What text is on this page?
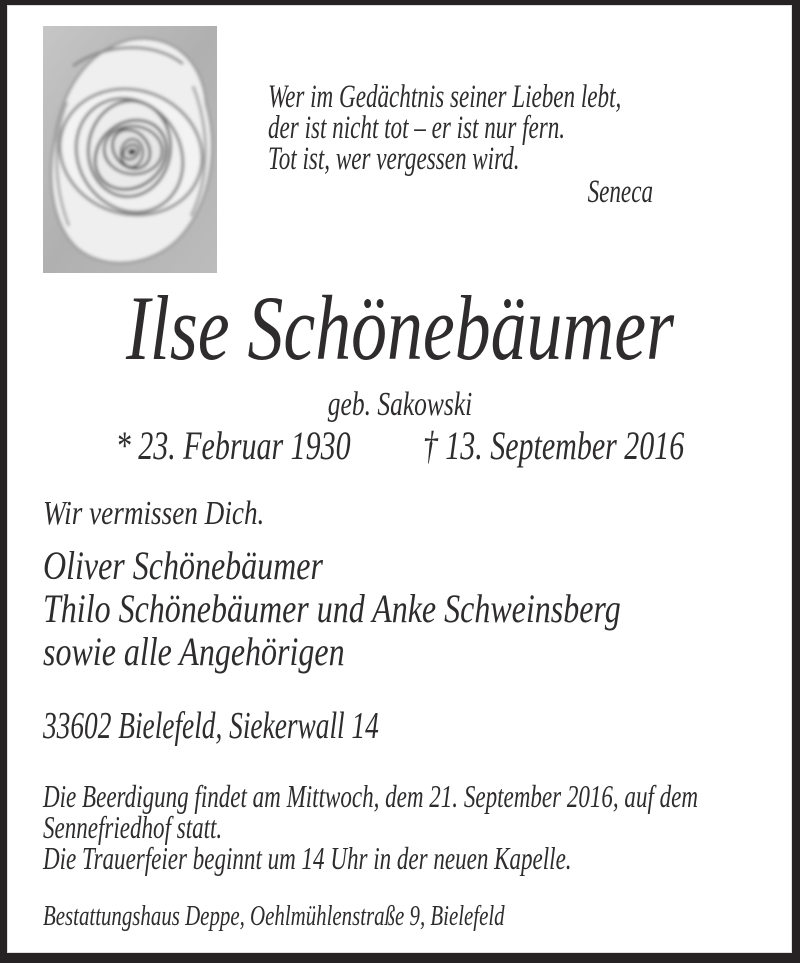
Wer im Gedächtnis seiner Lieben lebt,
der ist nicht tot – er ist nur fern.
Tot ist, wer vergessen wird.
Seneca
Ilse Schönebäumer
geb. Sakowski
* 23. Februar 1930 † 13. September 2016
Wir vermissen Dich.
Oliver Schönebäumer
Thilo Schönebäumer und Anke Schweinsberg
sowie alle Angehörigen
33602 Bielefeld, Siekerwall 14
Die Beerdigung findet am Mittwoch, dem 21. September 2016, auf dem
Sennefriedhof statt.
Die Trauerfeier beginnt um 14 Uhr in der neuen Kapelle.
Bestattungshaus Deppe, Oehlmühlenstraße 9, Bielefeld
